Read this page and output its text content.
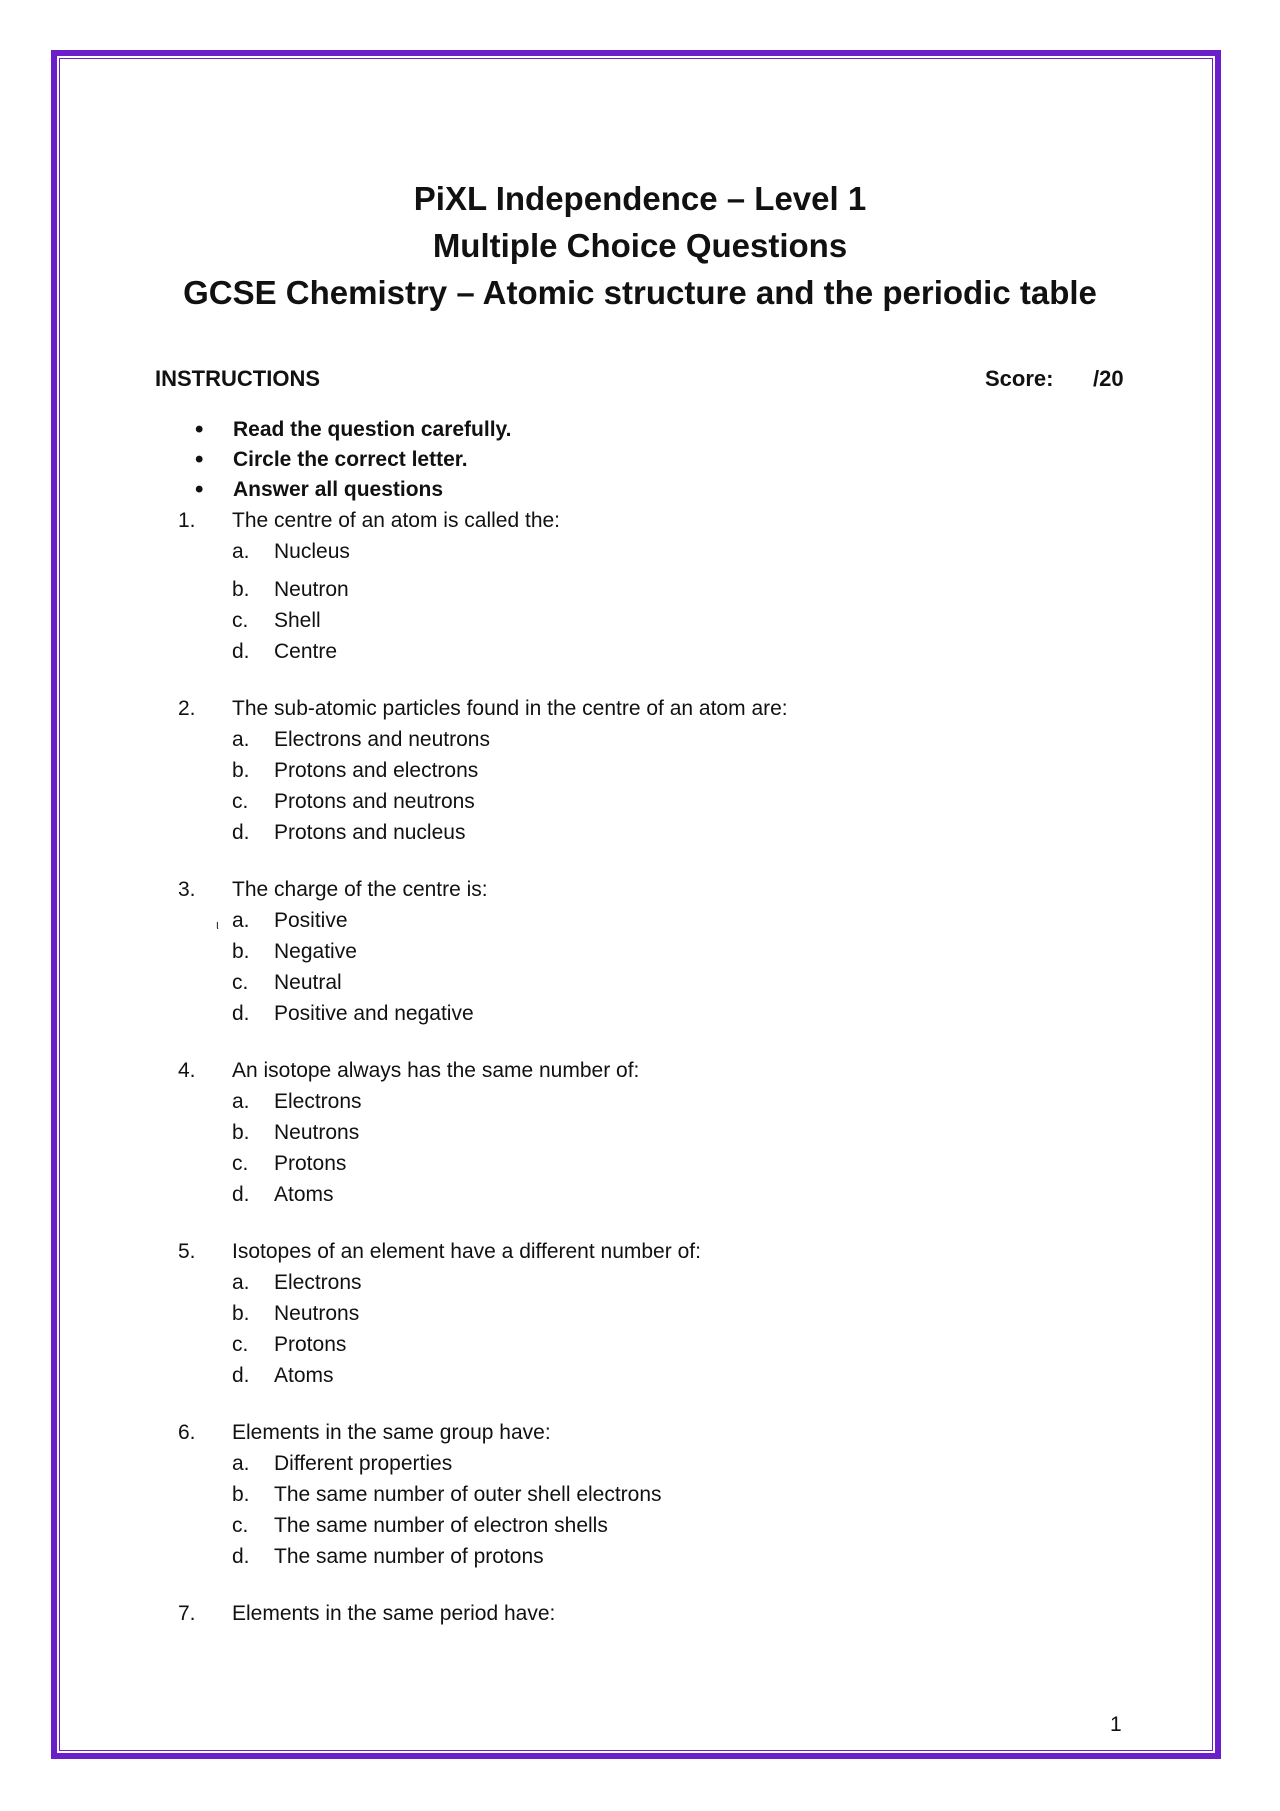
PiXL Independence – Level 1
Multiple Choice Questions
GCSE Chemistry – Atomic structure and the periodic table
INSTRUCTIONS	Score: /20
• Read the question carefully.
• Circle the correct letter.
• Answer all questions
1.	The centre of an atom is called the:
a.	Nucleus
b.	Neutron
c.	Shell
d.	Centre
2.	The sub-atomic particles found in the centre of an atom are:
a.	Electrons and neutrons
b.	Protons and electrons
c.	Protons and neutrons
d.	Protons and nucleus
3.	The charge of the centre is:
a.	Positive
b.	Negative
c.	Neutral
d.	Positive and negative
4.	An isotope always has the same number of:
a.	Electrons
b.	Neutrons
c.	Protons
d.	Atoms
5.	Isotopes of an element have a different number of:
a.	Electrons
b.	Neutrons
c.	Protons
d.	Atoms
6.	Elements in the same group have:
a.	Different properties
b.	The same number of outer shell electrons
c.	The same number of electron shells
d.	The same number of protons
7.	Elements in the same period have:
ι
1
